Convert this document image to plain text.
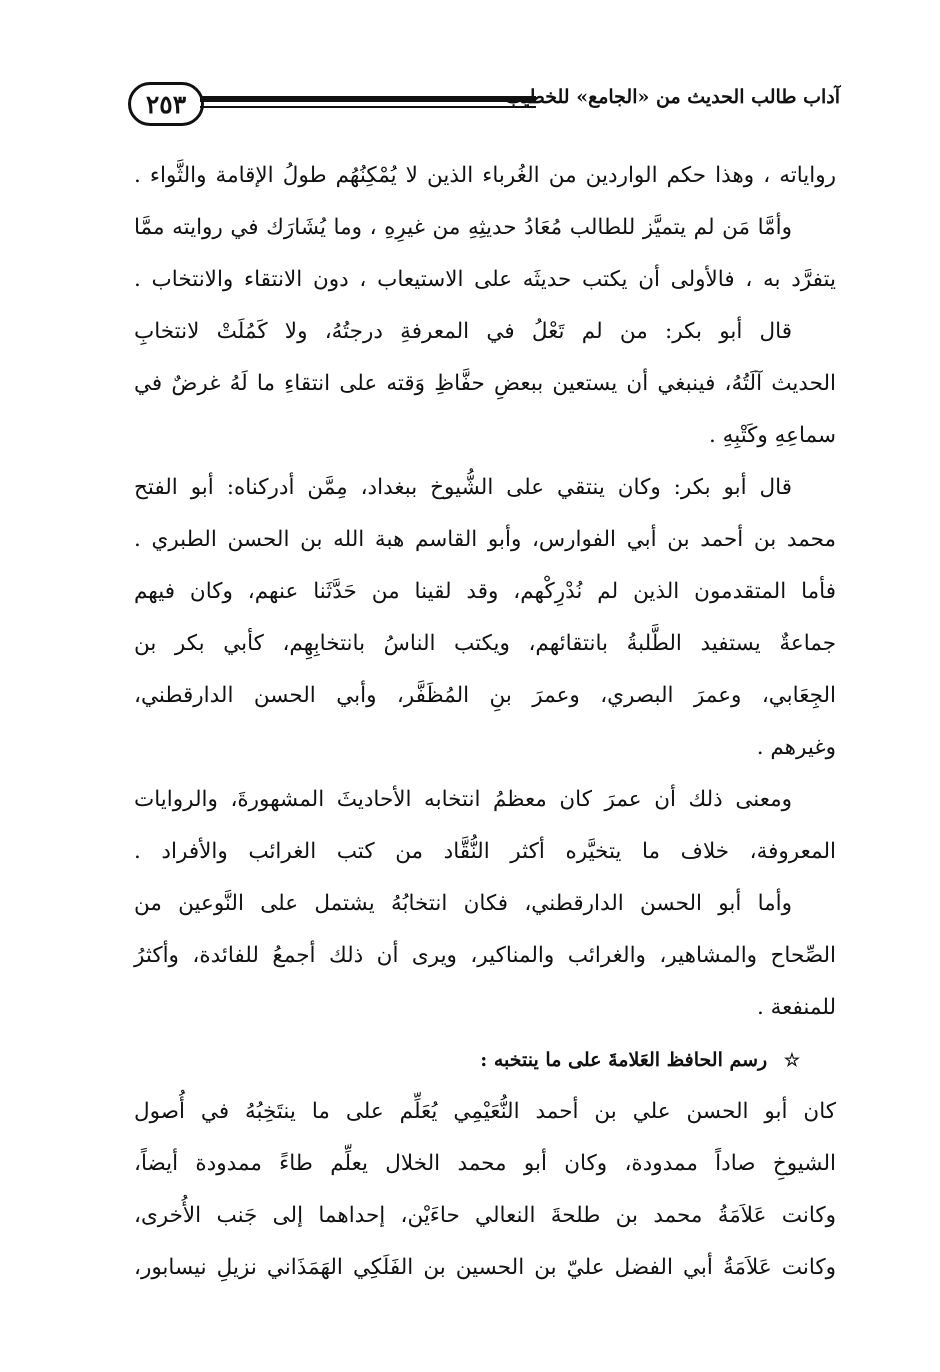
٢٥٣	آداب طالب الحديث من «الجامع» للخطيب
رواياته ، وهذا حكم الواردين من الغُرباء الذين لا يُمْكِنُهُم طولُ الإقامة والثَّواء .
وأمَّا مَن لم يتميَّز للطالب مُعَادُ حديثِهِ من غيرِهِ ، وما يُشَارَك في روايته ممَّا
يتفرَّد به ، فالأولى أن يكتب حديثَه على الاستيعاب ، دون الانتقاء والانتخاب .
قال أبو بكر: من لم تَعْلُ في المعرفةِ درجتُهُ، ولا كَمُلَتْ لانتخابِ
الحديث آلَتُهُ، فينبغي أن يستعين ببعضِ حفَّاظِ وَقته على انتقاءِ ما لَهُ غرضٌ في
سماعِهِ وكَتْبِهِ .
قال أبو بكر: وكان ينتقي على الشُّيوخ ببغداد، مِمَّن أدركناه: أبو الفتح
محمد بن أحمد بن أبي الفوارس، وأبو القاسم هبة الله بن الحسن الطبري .
فأما المتقدمون الذين لم نُدْرِكْهم، وقد لقينا من حَدَّثَنا عنهم، وكان فيهم
جماعةٌ يستفيد الطَّلبةُ بانتقائهم، ويكتب الناسُ بانتخابِهِم، كأبي بكر بن
الجِعَابي، وعمرَ البصري، وعمرَ بنِ المُظَفَّر، وأبي الحسن الدارقطني،
وغيرهم .
ومعنى ذلك أن عمرَ كان معظمُ انتخابه الأحاديثَ المشهورةَ، والروايات
المعروفة، خلاف ما يتخيَّره أكثر النُّقَّاد من كتب الغرائب والأفراد .
وأما أبو الحسن الدارقطني، فكان انتخابُهُ يشتمل على النَّوعين من
الصِّحاح والمشاهير، والغرائب والمناكير، ويرى أن ذلك أجمعُ للفائدة، وأكثرُ
للمنفعة .
☆ رسم الحافظ العَلامةَ على ما ينتخبه :
كان أبو الحسن علي بن أحمد النُّعَيْمِي يُعَلِّم على ما ينتَخِبُهُ في أُصول
الشيوخِ صاداً ممدودة، وكان أبو محمد الخلال يعلِّم طاءً ممدودة أيضاً،
وكانت عَلاَمَةُ محمد بن طلحةَ النعالي حاءَيْن، إحداهما إلى جَنب الأُخرى،
وكانت عَلاَمَةُ أبي الفضل عليّ بن الحسين بن الفَلَكِي الهَمَذَاني نزيلِ نيسابور،
